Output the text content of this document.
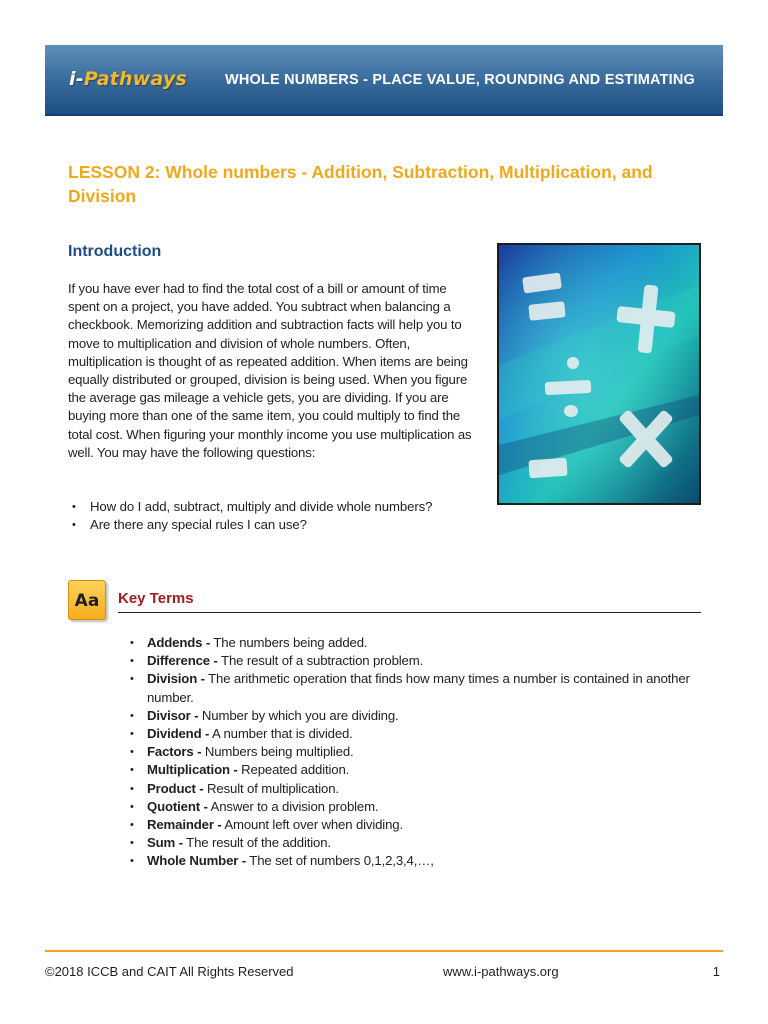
i-Pathways	WHOLE NUMBERS - PLACE VALUE, ROUNDING AND ESTIMATING
LESSON 2: Whole numbers - Addition, Subtraction, Multiplication, and Division
Introduction
If you have ever had to find the total cost of a bill or amount of time spent on a project, you have added. You subtract when balancing a checkbook. Memorizing addition and subtraction facts will help you to move to multiplication and division of whole numbers. Often, multiplication is thought of as repeated addition. When items are being equally distributed or grouped, division is being used. When you figure the average gas mileage a vehicle gets, you are dividing. If you are buying more than one of the same item, you could multiply to find the total cost. When figuring your monthly income you use multiplication as well. You may have the following questions:
• How do I add, subtract, multiply and divide whole numbers?
• Are there any special rules I can use?
Aa	Key Terms
• Addends - The numbers being added.
• Difference - The result of a subtraction problem.
• Division - The arithmetic operation that finds how many times a number is contained in another number.
• Divisor - Number by which you are dividing.
• Dividend - A number that is divided.
• Factors - Numbers being multiplied.
• Multiplication - Repeated addition.
• Product - Result of multiplication.
• Quotient - Answer to a division problem.
• Remainder - Amount left over when dividing.
• Sum - The result of the addition.
• Whole Number - The set of numbers 0,1,2,3,4,…,
©2018 ICCB and CAIT All Rights Reserved	www.i-pathways.org	1
